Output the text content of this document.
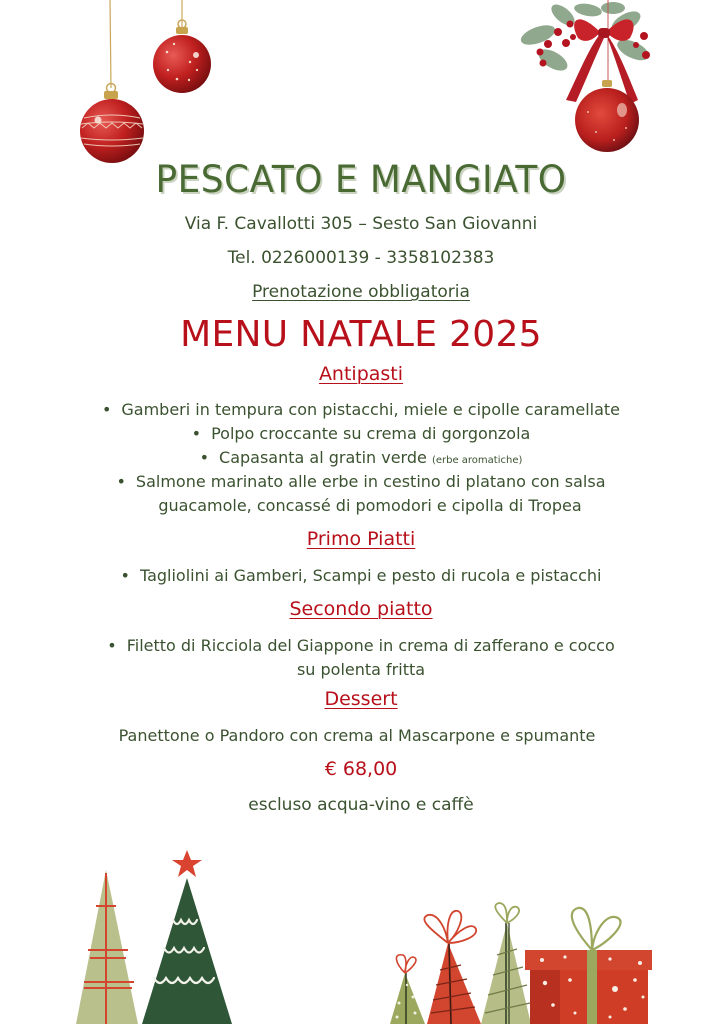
PESCATO E MANGIATO
Via F. Cavallotti 305 – Sesto San Giovanni
Tel. 0226000139 - 3358102383
Prenotazione obbligatoria
MENU NATALE 2025
Antipasti
• Gamberi in tempura con pistacchi, miele e cipolle caramellate
• Polpo croccante su crema di gorgonzola
• Capasanta al gratin verde (erbe aromatiche)
• Salmone marinato alle erbe in cestino di platano con salsa
guacamole, concassé di pomodori e cipolla di Tropea
Primo Piatti
• Tagliolini ai Gamberi, Scampi e pesto di rucola e pistacchi
Secondo piatto
• Filetto di Ricciola del Giappone in crema di zafferano e cocco
su polenta fritta
Dessert
Panettone o Pandoro con crema al Mascarpone e spumante
€ 68,00
escluso acqua-vino e caffè
